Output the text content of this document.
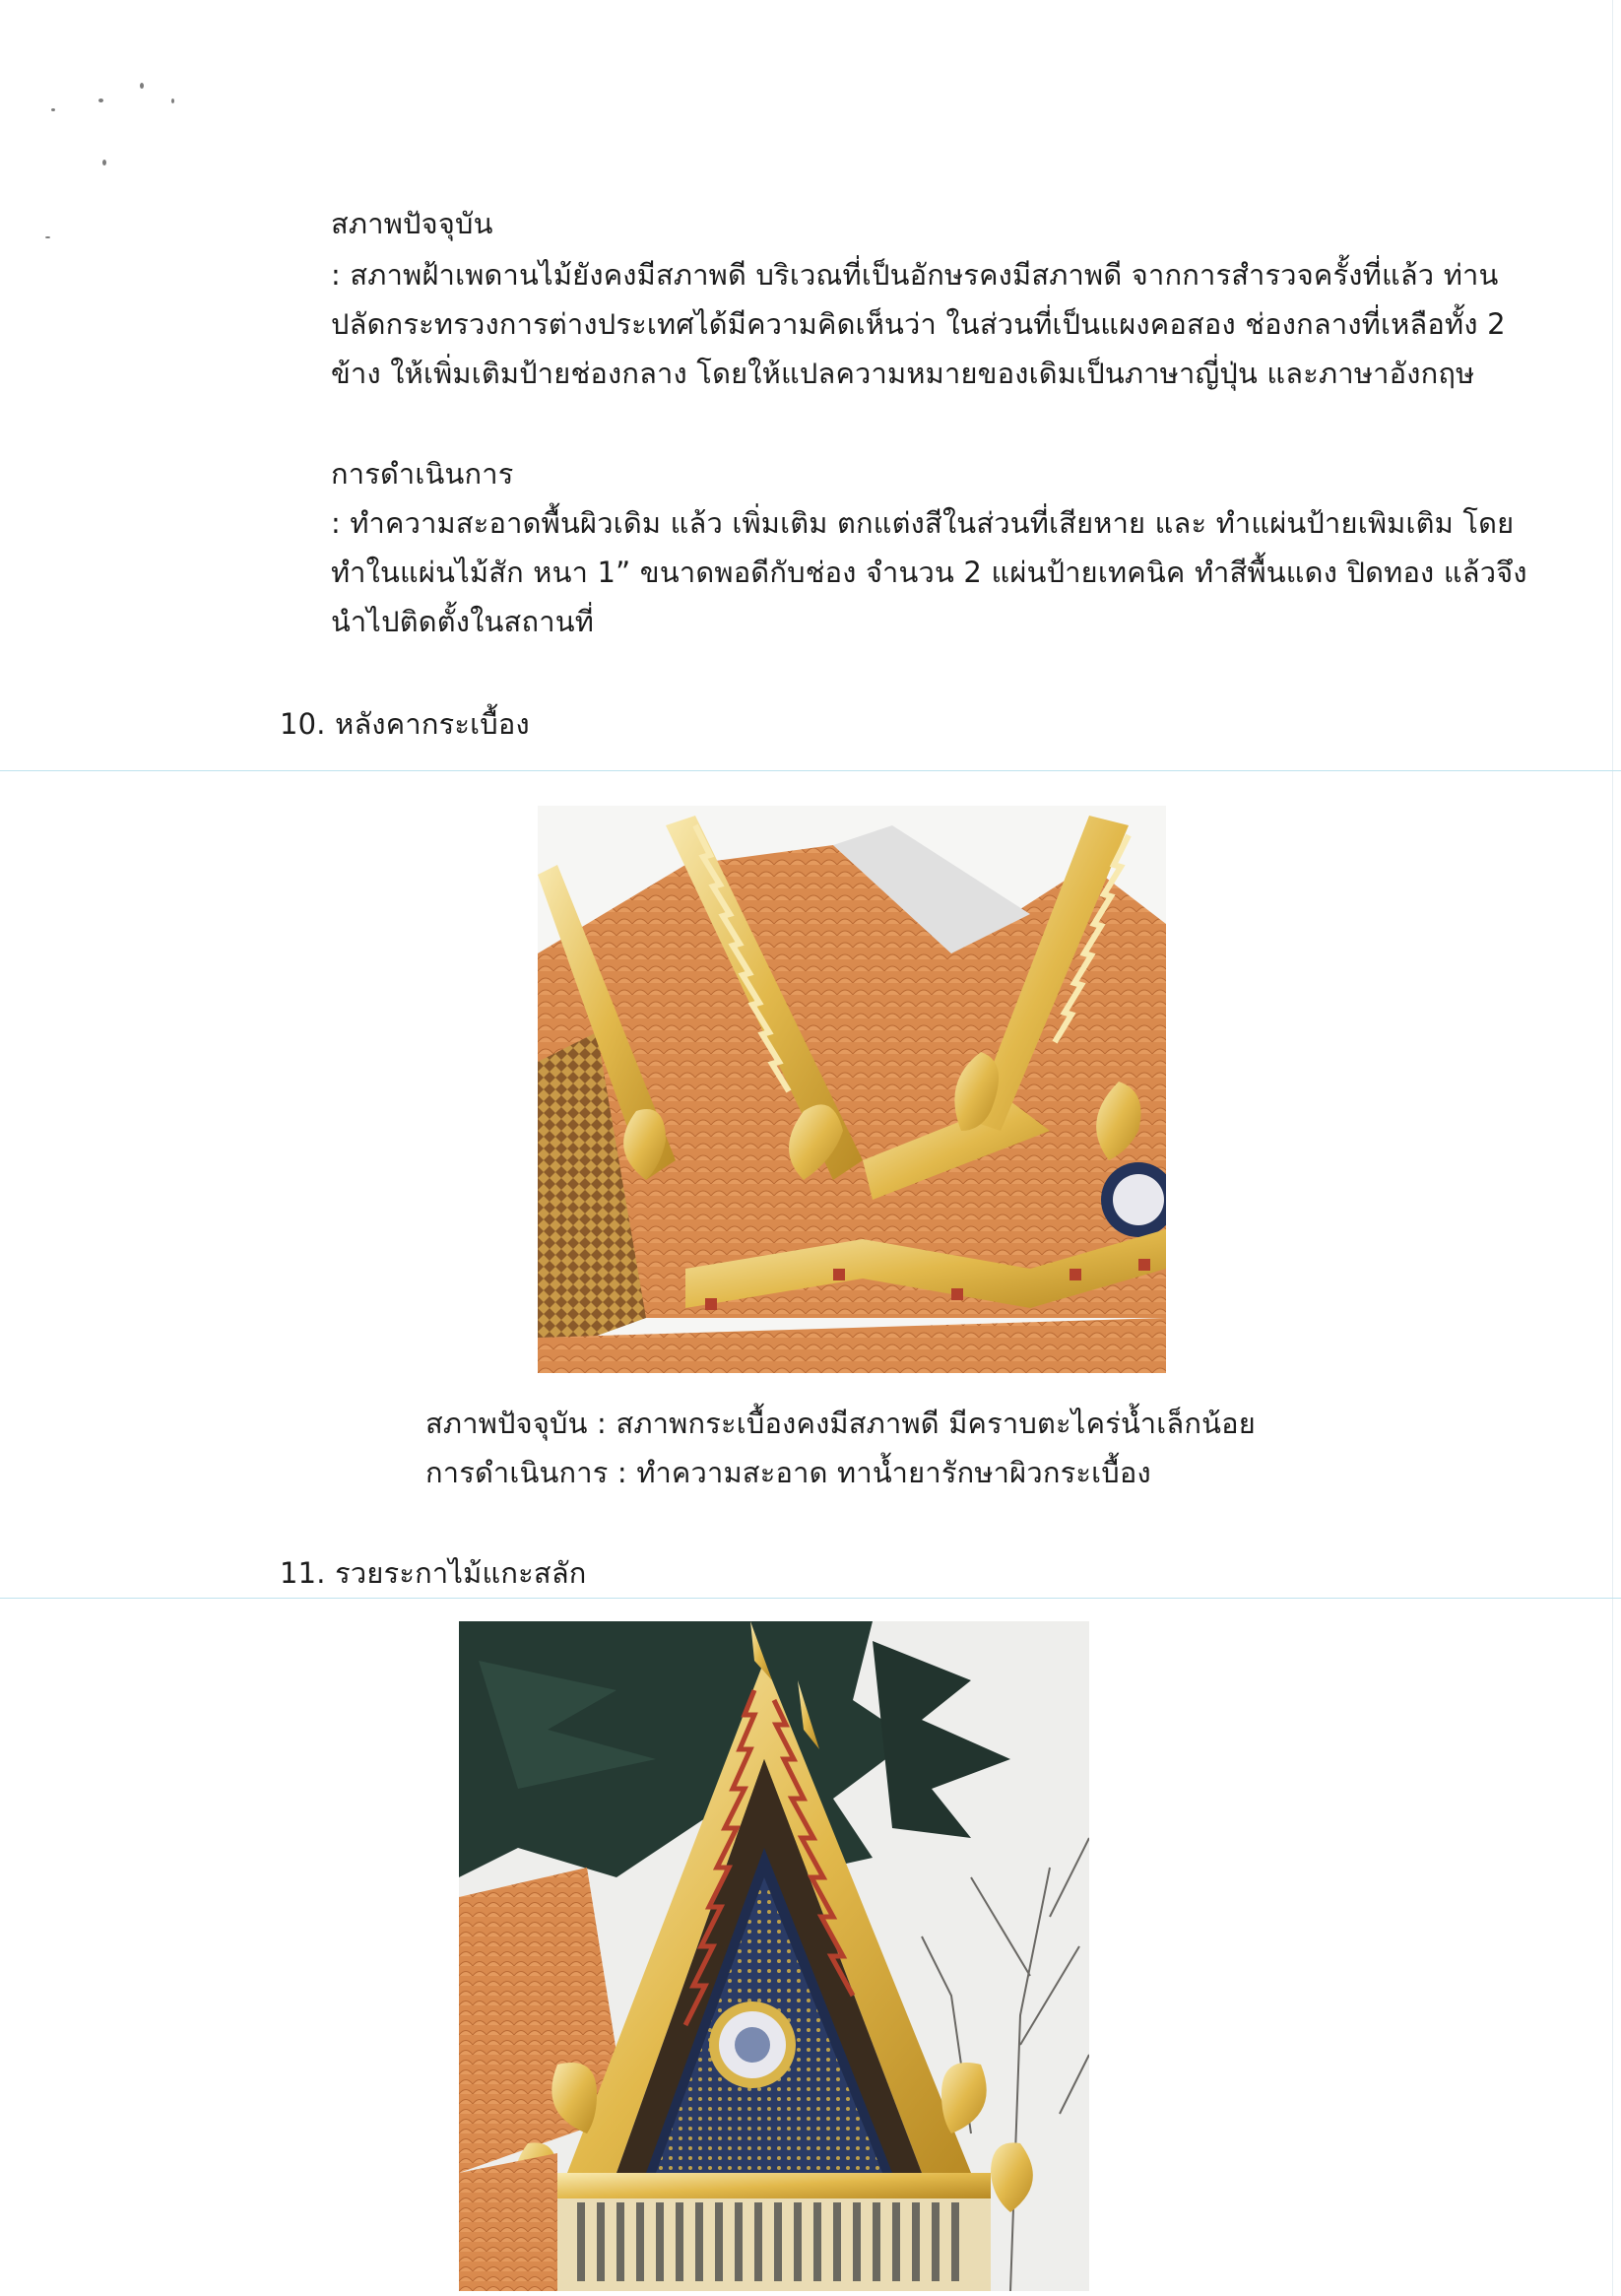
สภาพปัจจุบัน
: สภาพฝ้าเพดานไม้ยังคงมีสภาพดี บริเวณที่เป็นอักษรคงมีสภาพดี จากการสำรวจครั้งที่แล้ว ท่าน
ปลัดกระทรวงการต่างประเทศได้มีความคิดเห็นว่า ในส่วนที่เป็นแผงคอสอง ช่องกลางที่เหลือทั้ง 2
ข้าง ให้เพิ่มเติมป้ายช่องกลาง โดยให้แปลความหมายของเดิมเป็นภาษาญี่ปุ่น และภาษาอังกฤษ
การดำเนินการ
: ทำความสะอาดพื้นผิวเดิม แล้ว เพิ่มเติม ตกแต่งสีในส่วนที่เสียหาย และ ทำแผ่นป้ายเพิมเติม โดย
ทำในแผ่นไม้สัก หนา 1” ขนาดพอดีกับช่อง จำนวน 2 แผ่นป้ายเทคนิค ทำสีพื้นแดง ปิดทอง แล้วจึง
นำไปติดตั้งในสถานที่
10. หลังคากระเบื้อง
สภาพปัจจุบัน : สภาพกระเบื้องคงมีสภาพดี มีคราบตะไคร่น้ำเล็กน้อย
การดำเนินการ : ทำความสะอาด ทาน้ำยารักษาผิวกระเบื้อง
11. รวยระกาไม้แกะสลัก
